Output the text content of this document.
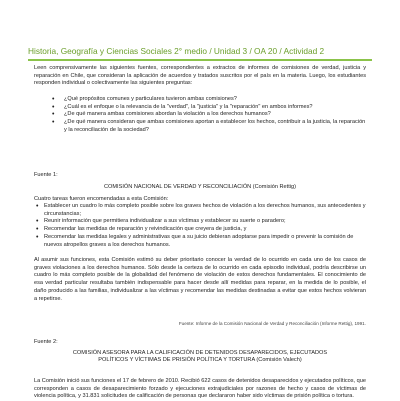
Historia, Geografía y Ciencias Sociales 2° medio / Unidad 3 / OA 20 / Actividad 2
Leen comprensivamente las siguientes fuentes, correspondientes a extractos de informes de comisiones de verdad, justicia y reparación en Chile, que consideran la aplicación de acuerdos y tratados suscritos por el país en la materia. Luego, los estudiantes responden individual o colectivamente las siguientes preguntas:
• ¿Qué propósitos comunes y particulares tuvieron ambas comisiones?
• ¿Cuál es el enfoque o la relevancia de la "verdad", la "justicia" y la "reparación" en ambos informes?
• ¿De qué manera ambas comisiones abordan la violación a los derechos humanos?
• ¿De qué manera consideran que ambas comisiones aportan a establecer los hechos, contribuir a la justicia, la reparación y la reconciliación de la sociedad?
Fuente 1:
COMISIÓN NACIONAL DE VERDAD Y RECONCILIACIÓN (Comisión Rettig)
Cuatro tareas fueron encomendadas a esta Comisión:
• Establecer un cuadro lo más completo posible sobre los graves hechos de violación a los derechos humanos, sus antecedentes y circunstancias;
• Reunir información que permitiera individualizar a sus víctimas y establecer su suerte o paradero;
• Recomendar las medidas de reparación y reivindicación que creyera de justicia, y
• Recomendar las medidas legales y administrativas que a su juicio debieran adoptarse para impedir o prevenir la comisión de nuevos atropellos graves a los derechos humanos.
Al asumir sus funciones, esta Comisión estimó su deber prioritario conocer la verdad de lo ocurrido en cada uno de los casos de graves violaciones a los derechos humanos. Sólo desde la certeza de lo ocurrido en cada episodio individual, podría describirse un cuadro lo más completo posible de la globalidad del fenómeno de violación de estos derechos fundamentales. El conocimiento de esa verdad particular resultaba también indispensable para hacer desde allí medidas para reparar, en la medida de lo posible, el daño producido a las familias, individualizar a las víctimas y recomendar las medidas destinadas a evitar que estos hechos volvieran a repetirse.
Fuente: Informe de la Comisión Nacional de Verdad y Reconciliación (Informe Rettig), 1991.
Fuente 2:
COMISIÓN ASESORA PARA LA CALIFICACIÓN DE DETENIDOS DESAPARECIDOS, EJECUTADOS
POLÍTICOS Y VÍCTIMAS DE PRISIÓN POLÍTICA Y TORTURA (Comisión Valech)
La Comisión inició sus funciones el 17 de febrero de 2010. Recibió 622 casos de detenidos desaparecidos y ejecutados políticos, que corresponden a casos de desaparecimiento forzado y ejecuciones extrajudiciales por razones de hecho y casos de víctimas de violencia política, y 31.831 solicitudes de calificación de personas que declararon haber sido víctimas de prisión política o tortura.
